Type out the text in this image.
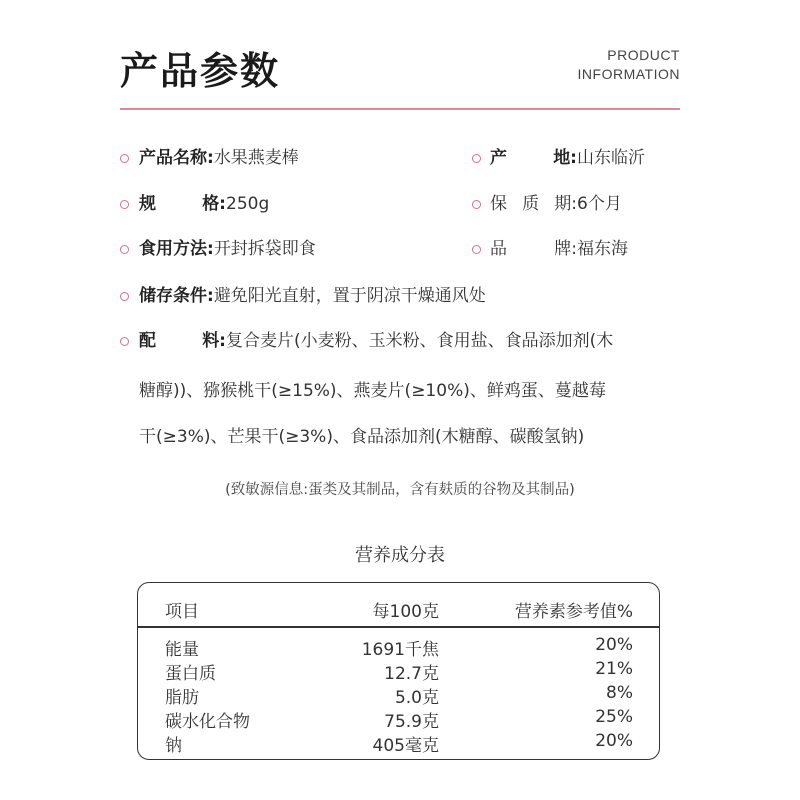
产品参数	PRODUCT
INFORMATION
产品名称:水果燕麦棒	产	地: 山东临沂
规	格: 250g	保 质 期: 6个月
食用方法:开封拆袋即食	品	牌: 福东海
储存条件:避免阳光直射，置于阴凉干燥通风处
配	料: 复合麦片(小麦粉、玉米粉、食用盐、食品添加剂(木
糖醇))、猕猴桃干(≥15%)、燕麦片(≥10%)、鲜鸡蛋、蔓越莓
干(≥3%)、芒果干(≥3%)、食品添加剂(木糖醇、碳酸氢钠)
(致敏源信息:蛋类及其制品，含有麸质的谷物及其制品)
营养成分表
项目	每100克	营养素参考值%
能量	1691千焦	20%
蛋白质	12.7克	21%
脂肪	5.0克	8%
碳水化合物	75.9克	25%
钠	405毫克	20%
